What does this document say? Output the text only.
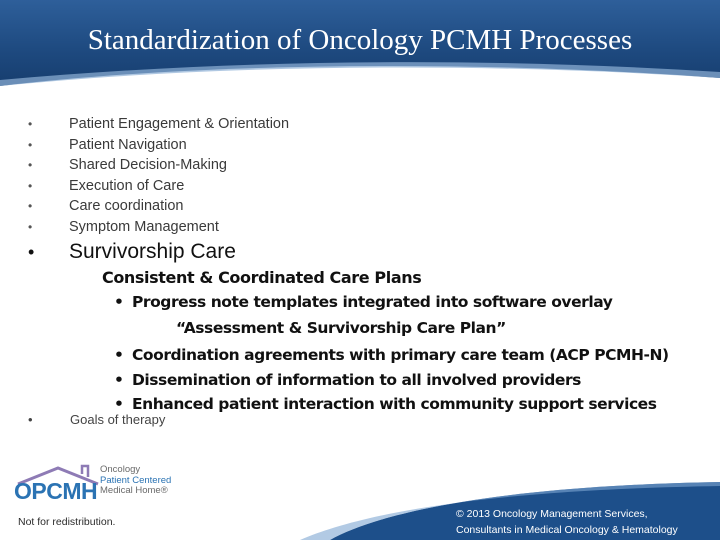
Standardization of Oncology PCMH Processes
• Patient Engagement & Orientation
• Patient Navigation
• Shared Decision-Making
• Execution of Care
• Care coordination
• Symptom Management
• Survivorship Care
Consistent & Coordinated Care Plans
• Progress note templates integrated into software overlay
“Assessment & Survivorship Care Plan”
• Coordination agreements with primary care team (ACP PCMH-N)
• Dissemination of information to all involved providers
• Enhanced patient interaction with community support services
•	Goals of therapy
OPCMH
Oncology
Patient Centered
Medical Home®
Not for redistribution.
© 2013 Oncology Management Services,
Consultants in Medical Oncology & Hematology
